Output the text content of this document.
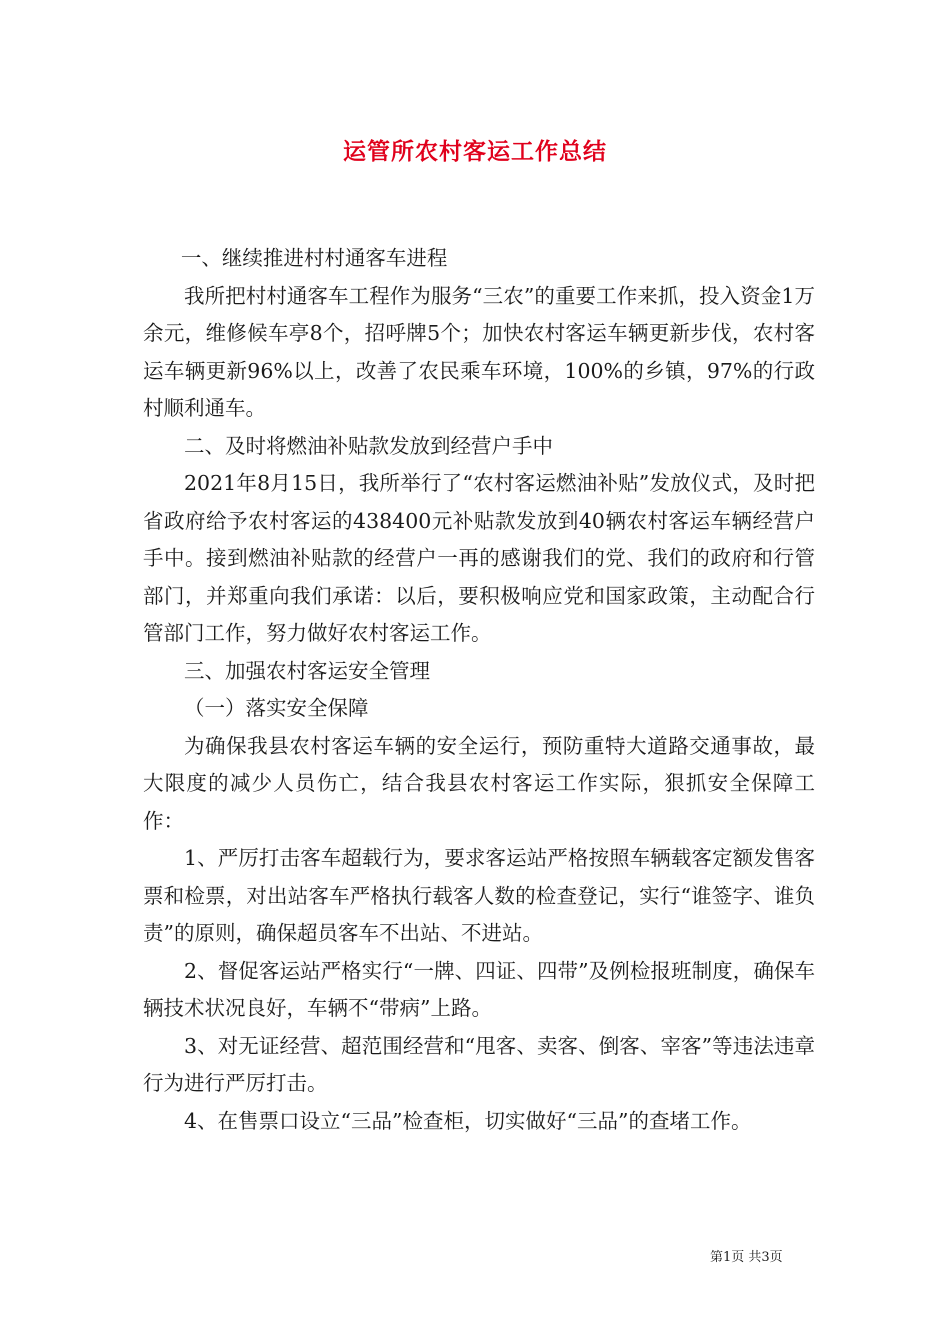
运管所农村客运工作总结

一、继续推进村村通客车进程

我所把村村通客车工程作为服务“三农”的重要工作来抓，投入资金1万余元，维修候车亭8个，招呼牌5个；加快农村客运车辆更新步伐，农村客运车辆更新96%以上，改善了农民乘车环境，100%的乡镇，97%的行政村顺利通车。

二、及时将燃油补贴款发放到经营户手中

2021年8月15日，我所举行了“农村客运燃油补贴”发放仪式，及时把省政府给予农村客运的438400元补贴款发放到40辆农村客运车辆经营户手中。接到燃油补贴款的经营户一再的感谢我们的党、我们的政府和行管部门，并郑重向我们承诺：以后，要积极响应党和国家政策，主动配合行管部门工作，努力做好农村客运工作。

三、加强农村客运安全管理

（一）落实安全保障

为确保我县农村客运车辆的安全运行，预防重特大道路交通事故，最大限度的减少人员伤亡，结合我县农村客运工作实际，狠抓安全保障工作：

1、严厉打击客车超载行为，要求客运站严格按照车辆载客定额发售客票和检票，对出站客车严格执行载客人数的检查登记，实行“谁签字、谁负责”的原则，确保超员客车不出站、不进站。

2、督促客运站严格实行“一牌、四证、四带”及例检报班制度，确保车辆技术状况良好，车辆不“带病”上路。

3、对无证经营、超范围经营和“甩客、卖客、倒客、宰客”等违法违章行为进行严厉打击。

4、在售票口设立“三品”检查柜，切实做好“三品”的查堵工作。

第1页 共3页
